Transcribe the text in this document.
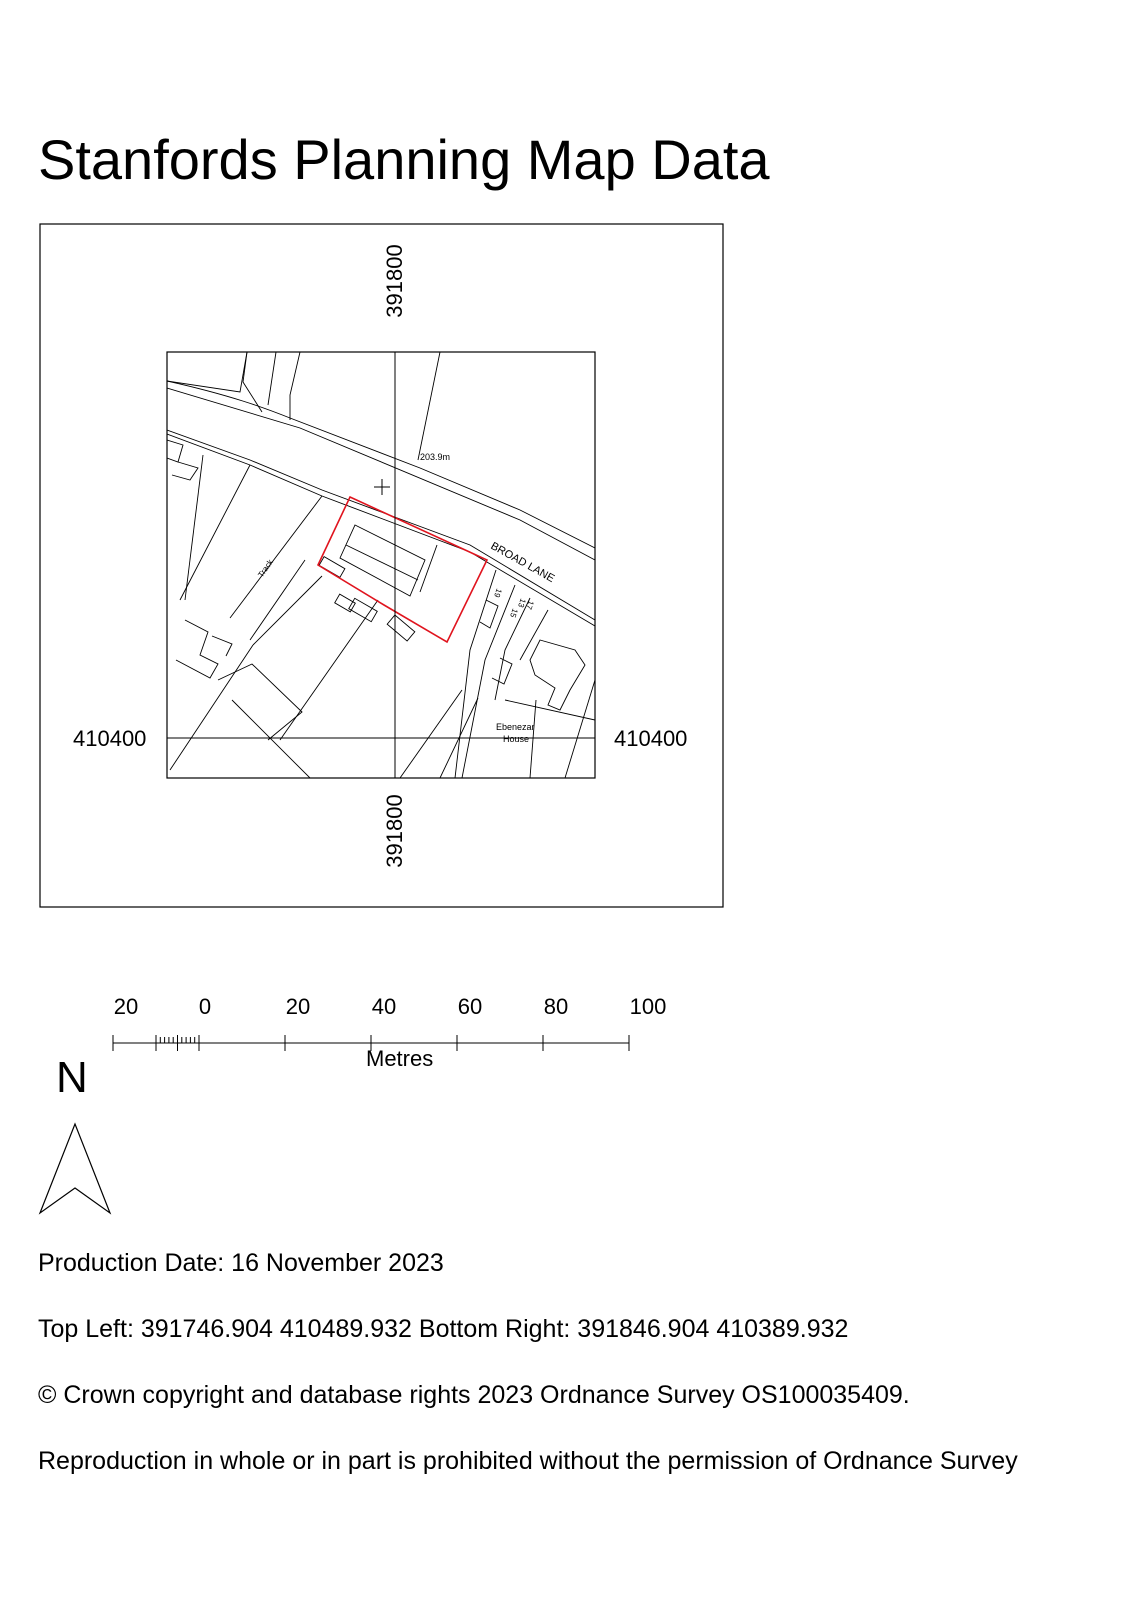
Stanfords Planning Map Data
203.9m
BROAD LANE
Track
19
15
13
17
Ebenezar
House
391800
391800
410400	410400
20	0	20	40	60	80	100
Metres
N
Production Date: 16 November 2023
Top Left: 391746.904 410489.932 Bottom Right: 391846.904 410389.932
© Crown copyright and database rights 2023 Ordnance Survey OS100035409.
Reproduction in whole or in part is prohibited without the permission of Ordnance Survey
